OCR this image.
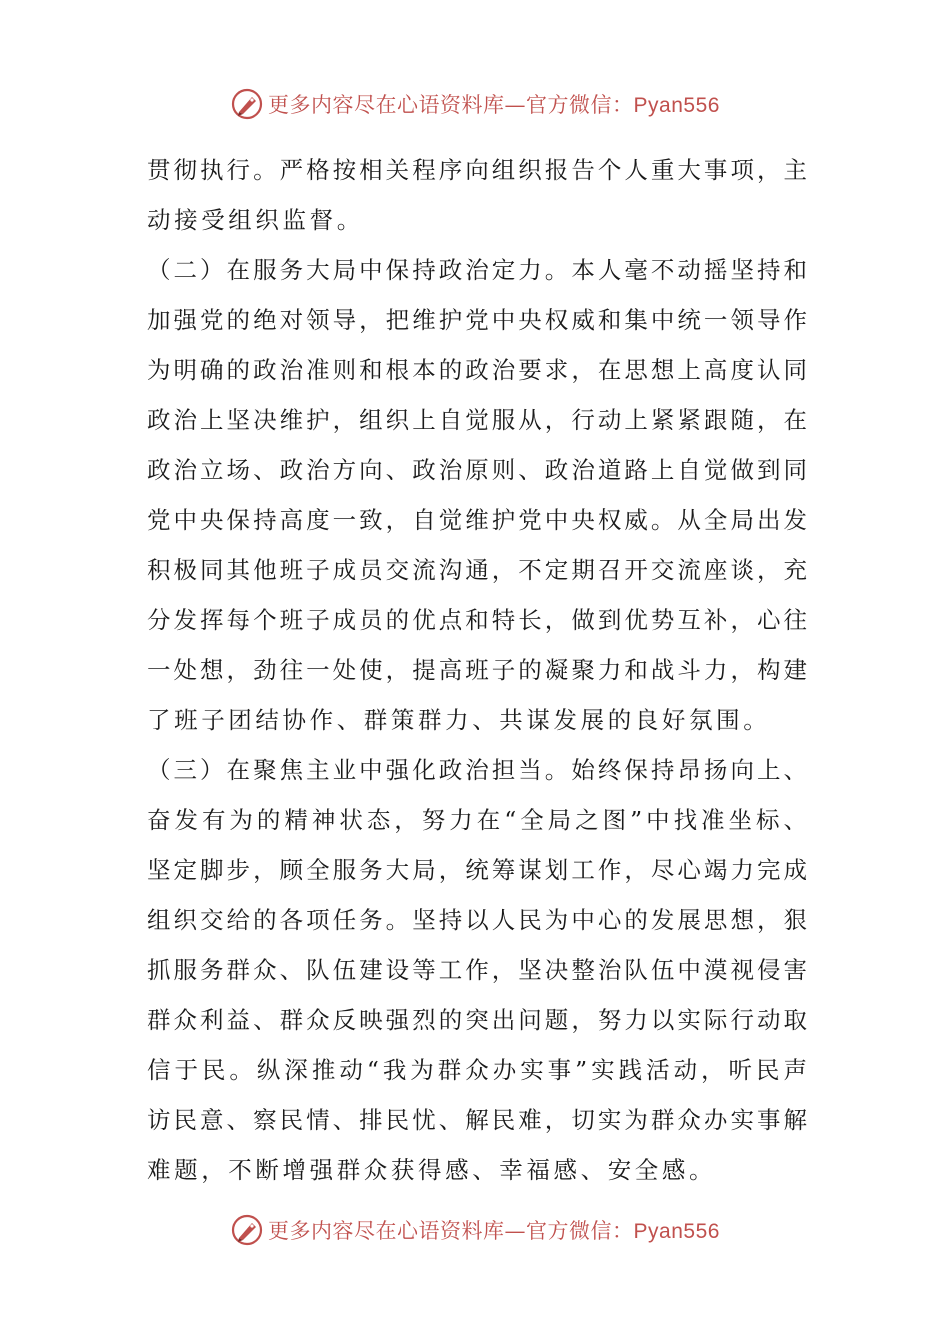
更多内容尽在心语资料库—官方微信：Pyan556
贯彻执行。严格按相关程序向组织报告个人重大事项，主
动接受组织监督。
（二）在服务大局中保持政治定力。本人毫不动摇坚持和
加强党的绝对领导，把维护党中央权威和集中统一领导作
为明确的政治准则和根本的政治要求，在思想上高度认同
政治上坚决维护，组织上自觉服从，行动上紧紧跟随，在
政治立场、政治方向、政治原则、政治道路上自觉做到同
党中央保持高度一致，自觉维护党中央权威。从全局出发
积极同其他班子成员交流沟通，不定期召开交流座谈，充
分发挥每个班子成员的优点和特长，做到优势互补，心往
一处想，劲往一处使，提高班子的凝聚力和战斗力，构建
了班子团结协作、群策群力、共谋发展的良好氛围。
（三）在聚焦主业中强化政治担当。始终保持昂扬向上、
奋发有为的精神状态，努力在“全局之图”中找准坐标、
坚定脚步，顾全服务大局，统筹谋划工作，尽心竭力完成
组织交给的各项任务。坚持以人民为中心的发展思想，狠
抓服务群众、队伍建设等工作，坚决整治队伍中漠视侵害
群众利益、群众反映强烈的突出问题，努力以实际行动取
信于民。纵深推动“我为群众办实事”实践活动，听民声
访民意、察民情、排民忧、解民难，切实为群众办实事解
难题，不断增强群众获得感、幸福感、安全感。
更多内容尽在心语资料库—官方微信：Pyan556
